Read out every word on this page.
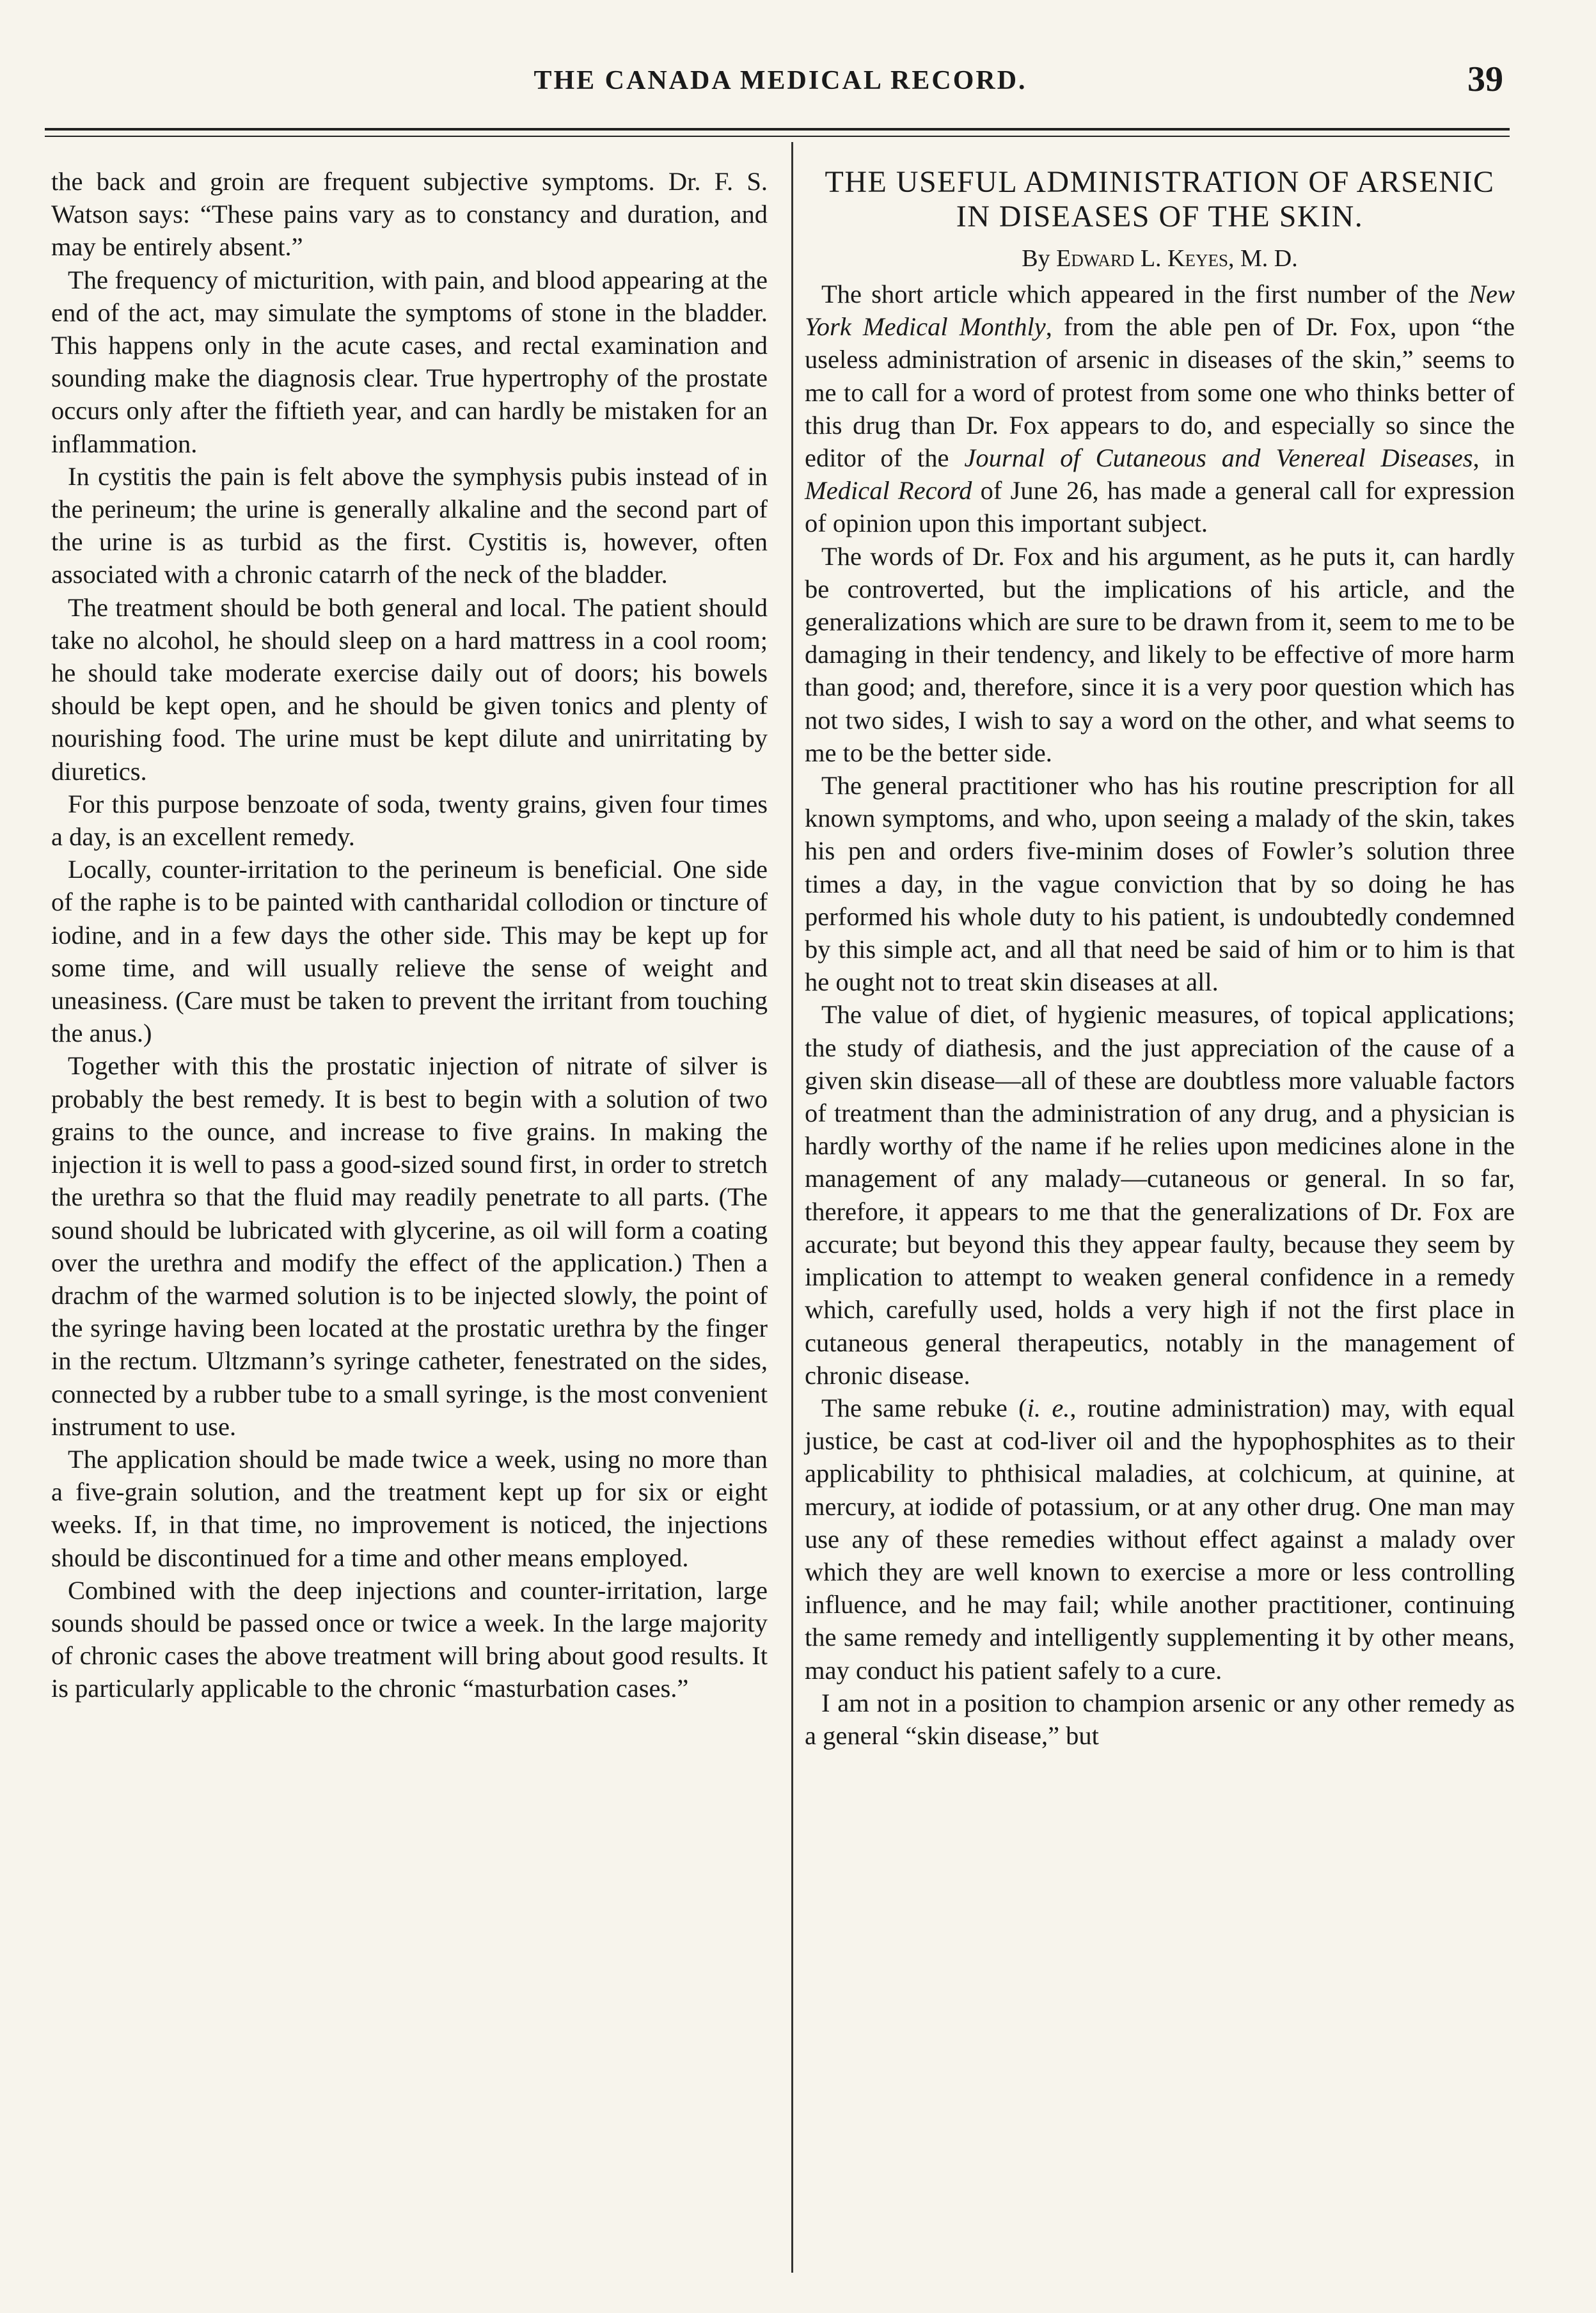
THE CANADA MEDICAL RECORD.	39

the back and groin are frequent subjective symptoms. Dr. F. S. Watson says: “These pains vary as to constancy and duration, and may be entirely absent.”

The frequency of micturition, with pain, and blood appearing at the end of the act, may simulate the symptoms of stone in the bladder. This happens only in the acute cases, and rectal examination and sounding make the diagnosis clear. True hypertrophy of the prostate occurs only after the fiftieth year, and can hardly be mistaken for an inflammation.

In cystitis the pain is felt above the symphysis pubis instead of in the perineum; the urine is generally alkaline and the second part of the urine is as turbid as the first. Cystitis is, however, often associated with a chronic catarrh of the neck of the bladder.

The treatment should be both general and local. The patient should take no alcohol, he should sleep on a hard mattress in a cool room; he should take moderate exercise daily out of doors; his bowels should be kept open, and he should be given tonics and plenty of nourishing food. The urine must be kept dilute and unirritating by diuretics.

For this purpose benzoate of soda, twenty grains, given four times a day, is an excellent remedy.

Locally, counter-irritation to the perineum is beneficial. One side of the raphe is to be painted with cantharidal collodion or tincture of iodine, and in a few days the other side. This may be kept up for some time, and will usually relieve the sense of weight and uneasiness. (Care must be taken to prevent the irritant from touching the anus.)

Together with this the prostatic injection of nitrate of silver is probably the best remedy. It is best to begin with a solution of two grains to the ounce, and increase to five grains. In making the injection it is well to pass a good-sized sound first, in order to stretch the urethra so that the fluid may readily penetrate to all parts. (The sound should be lubricated with glycerine, as oil will form a coating over the urethra and modify the effect of the application.) Then a drachm of the warmed solution is to be injected slowly, the point of the syringe having been located at the prostatic urethra by the finger in the rectum. Ultzmann’s syringe catheter, fenestrated on the sides, connected by a rubber tube to a small syringe, is the most convenient instrument to use.

The application should be made twice a week, using no more than a five-grain solution, and the treatment kept up for six or eight weeks. If, in that time, no improvement is noticed, the injections should be discontinued for a time and other means employed.

Combined with the deep injections and counter-irritation, large sounds should be passed once or twice a week. In the large majority of chronic cases the above treatment will bring about good results. It is particularly applicable to the chronic “masturbation cases.”

THE USEFUL ADMINISTRATION OF ARSENIC IN DISEASES OF THE SKIN.
By Edward L. Keyes, M. D.

The short article which appeared in the first number of the New York Medical Monthly, from the able pen of Dr. Fox, upon “the useless administration of arsenic in diseases of the skin,” seems to me to call for a word of protest from some one who thinks better of this drug than Dr. Fox appears to do, and especially so since the editor of the Journal of Cutaneous and Venereal Diseases, in Medical Record of June 26, has made a general call for expression of opinion upon this important subject.

The words of Dr. Fox and his argument, as he puts it, can hardly be controverted, but the implications of his article, and the generalizations which are sure to be drawn from it, seem to me to be damaging in their tendency, and likely to be effective of more harm than good; and, therefore, since it is a very poor question which has not two sides, I wish to say a word on the other, and what seems to me to be the better side.

The general practitioner who has his routine prescription for all known symptoms, and who, upon seeing a malady of the skin, takes his pen and orders five-minim doses of Fowler’s solution three times a day, in the vague conviction that by so doing he has performed his whole duty to his patient, is undoubtedly condemned by this simple act, and all that need be said of him or to him is that he ought not to treat skin diseases at all.

The value of diet, of hygienic measures, of topical applications; the study of diathesis, and the just appreciation of the cause of a given skin disease—all of these are doubtless more valuable factors of treatment than the administration of any drug, and a physician is hardly worthy of the name if he relies upon medicines alone in the management of any malady—cutaneous or general. In so far, therefore, it appears to me that the generalizations of Dr. Fox are accurate; but beyond this they appear faulty, because they seem by implication to attempt to weaken general confidence in a remedy which, carefully used, holds a very high if not the first place in cutaneous general therapeutics, notably in the management of chronic disease.

The same rebuke (i. e., routine administration) may, with equal justice, be cast at cod-liver oil and the hypophosphites as to their applicability to phthisical maladies, at colchicum, at quinine, at mercury, at iodide of potassium, or at any other drug. One man may use any of these remedies without effect against a malady over which they are well known to exercise a more or less controlling influence, and he may fail; while another practitioner, continuing the same remedy and intelligently supplementing it by other means, may conduct his patient safely to a cure.

I am not in a position to champion arsenic or any other remedy as a general “skin disease,” but
